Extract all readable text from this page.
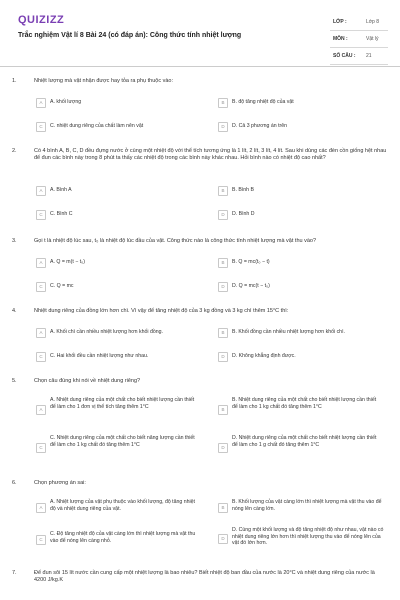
QUIZIZZ
Trắc nghiệm Vật lí 8 Bài 24 (có đáp án): Công thức tính nhiệt lượng
LỚP :	Lớp 8
MÔN :	Vật lý
SỐ CÂU : 21
1.	Nhiệt lượng mà vật nhận được hay tỏa ra phụ thuộc vào:
A	A. khối lượng	B	B. độ tăng nhiệt độ của vật
C	C. nhiệt dung riêng của chất làm nên vật	D	D. Cả 3 phương án trên
2.	Có 4 bình A, B, C, D đều đựng nước ở cùng một nhiệt độ với thể tích tương ứng là 1 lít, 2 lít, 3 lít, 4 lít. Sau khi dùng các đèn cồn giống hệt nhau để đun các bình này trong 8 phút ta thấy các nhiệt độ trong các bình này khác nhau. Hỏi bình nào có nhiệt độ cao nhất?
A	A. Bình A	B	B. Bình B
C	C. Bình C	D	D. Bình D
3.	Gọi t là nhiệt độ lúc sau, t₀ là nhiệt độ lúc đầu của vật. Công thức nào là công thức tính nhiệt lượng mà vật thu vào?
A	A. Q = m(t − t₀)	B	B. Q = mc(t₀ − t)
C	C. Q = mc	D	D. Q = mc(t − t₀)
4.	Nhiệt dung riêng của đồng lớn hơn chì. Vì vậy để tăng nhiệt độ của 3 kg đồng và 3 kg chì thêm 15°C thì:
A	A. Khối chì cần nhiều nhiệt lượng hơn khối đồng.	B	B. Khối đồng cần nhiều nhiệt lượng hơn khối chì.
C	C. Hai khối đều cần nhiệt lượng như nhau.	D	D. Không khẳng định được.
5.	Chọn câu đúng khi nói về nhiệt dung riêng?
A
A. Nhiệt dung riêng của một chất cho biết nhiệt lượng cần thiết để làm cho 1 đơn vị thể tích tăng thêm 1°C	B
B. Nhiệt dung riêng của một chất cho biết nhiệt lượng cần thiết để làm cho 1 kg chất đó tăng thêm 1°C
C
C. Nhiệt dung riêng của một chất cho biết năng lượng cần thiết để làm cho 1 kg chất đó tăng thêm 1°C	D
D. Nhiệt dung riêng của một chất cho biết nhiệt lượng cần thiết để làm cho 1 g chất đó tăng thêm 1°C
6.	Chọn phương án sai:
A
A. Nhiệt lượng của vật phụ thuộc vào khối lượng, độ tăng nhiệt độ và nhiệt dung riêng của vật.	B
B. Khối lượng của vật càng lớn thì nhiệt lượng mà vật thu vào để nóng lên càng lớn.
C
C. Độ tăng nhiệt độ của vật càng lớn thì nhiệt lượng mà vật thu vào để nóng lên càng nhỏ.	D
D. Cùng một khối lượng và độ tăng nhiệt độ như nhau, vật nào có nhiệt dung riêng lớn hơn thì nhiệt lượng thu vào để nóng lên của vật đó lớn hơn.
7.	Để đun sôi 15 lít nước cần cung cấp một nhiệt lượng là bao nhiêu? Biết nhiệt độ ban đầu của nước là 20°C và nhiệt dung riêng của nước là 4200 J/kg.K
